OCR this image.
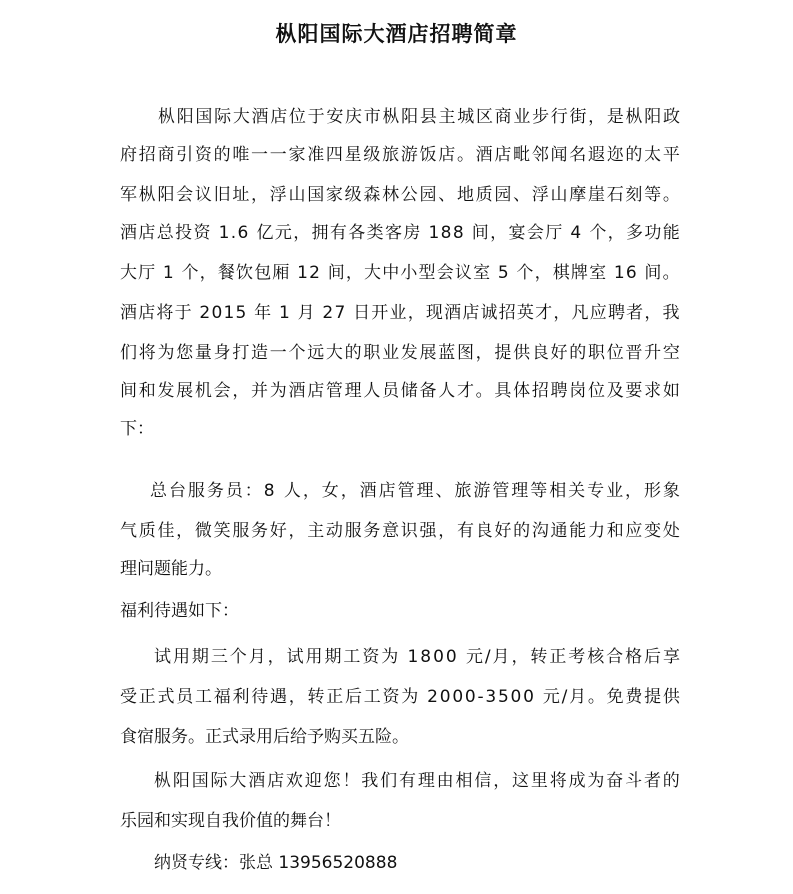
枞阳国际大酒店招聘简章
枞 阳 国 际 大 酒 店 位 于 安 庆 市 枞 阳 县 主 城 区 商 业 步 行 街 ， 是 枞 阳 政
府 招 商 引 资 的 唯 一 一 家 准 四 星 级 旅 游 饭 店 。 酒 店 毗 邻 闻 名 遐 迩 的 太 平
军 枞 阳 会 议 旧 址 ， 浮 山 国 家 级 森 林 公 园 、 地 质 园 、 浮 山 摩 崖 石 刻 等 。
酒 店 总 投 资
1 . 6
亿 元 ， 拥 有 各 类 客 房
1 8 8
间 ， 宴 会 厅
4
个 ， 多 功 能
大 厅
1
个 ， 餐 饮 包 厢
1 2
间 ， 大 中 小 型 会 议 室
5
个 ， 棋 牌 室
1 6
间 。
酒 店 将 于
2 0 1 5
年
1
月
2 7
日 开 业 ， 现 酒 店 诚 招 英 才 ， 凡 应 聘 者 ， 我
们 将 为 您 量 身 打 造 一 个 远 大 的 职 业 发 展 蓝 图 ， 提 供 良 好 的 职 位 晋 升 空
间 和 发 展 机 会 ， 并 为 酒 店 管 理 人 员 储 备 人 才 。 具 体 招 聘 岗 位 及 要 求 如
下：
总 台 服 务 员 ： 8
人 ， 女 ， 酒 店 管 理 、 旅 游 管 理 等 相 关 专 业 ， 形 象
气 质 佳 ， 微 笑 服 务 好 ， 主 动 服 务 意 识 强 ， 有 良 好 的 沟 通 能 力 和 应 变 处
理问题能力。
福利待遇如下：
试 用 期 三 个 月 ， 试 用 期 工 资 为
1 8 0 0
元 / 月 ， 转 正 考 核 合 格 后 享
受 正 式 员 工 福 利 待 遇 ， 转 正 后 工 资 为
2 0 0 0 - 3 5 0 0
元 / 月 。 免 费 提 供
食宿服务。正式录用后给予购买五险。
枞 阳 国 际 大 酒 店 欢 迎 您 ！ 我 们 有 理 由 相 信 ， 这 里 将 成 为 奋 斗 者 的
乐园和实现自我价值的舞台！
纳贤专线：张总 13956520888
